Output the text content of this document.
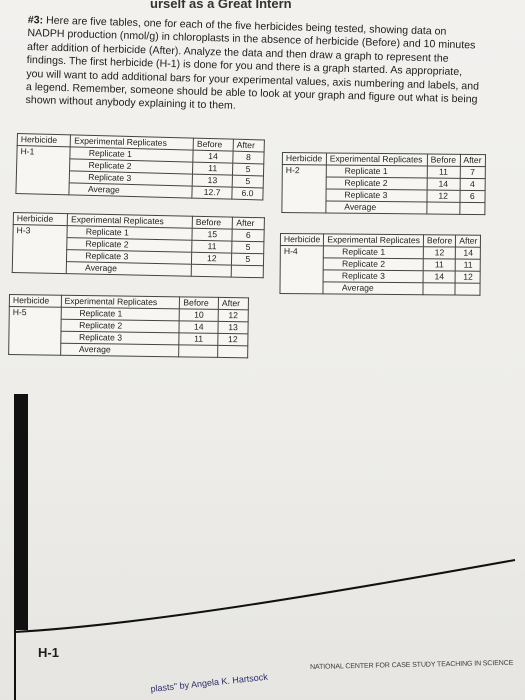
urself as a Great Intern
#3: Here are five tables, one for each of the five herbicides being tested, showing data on NADPH production (nmol/g) in chloroplasts in the absence of herbicide (Before) and 10 minutes after addition of herbicide (After). Analyze the data and then draw a graph to represent the findings. The first herbicide (H-1) is done for you and there is a graph started. As appropriate, you will want to add additional bars for your experimental values, axis numbering and labels, and a legend. Remember, someone should be able to look at your graph and figure out what is being shown without anybody explaining it to them.
Herbicide	Experimental Replicates	Before	After
H-1	Replicate 1	14	8
	Replicate 2	11	5
	Replicate 3	13	5
	Average	12.7	6.0
Herbicide	Experimental Replicates	Before	After
H-2	Replicate 1	11	7
	Replicate 2	14	4
	Replicate 3	12	6
	Average		
Herbicide	Experimental Replicates	Before	After
H-3	Replicate 1	15	6
	Replicate 2	11	5
	Replicate 3	12	5
	Average		
Herbicide	Experimental Replicates	Before	After
H-4	Replicate 1	12	14
	Replicate 2	11	11
	Replicate 3	14	12
	Average		
Herbicide	Experimental Replicates	Before	After
H-5	Replicate 1	10	12
	Replicate 2	14	13
	Replicate 3	11	12
	Average		
H-1
plasts" by Angela K. Hartsock
NATIONAL CENTER FOR CASE STUDY TEACHING IN SCIENCE
